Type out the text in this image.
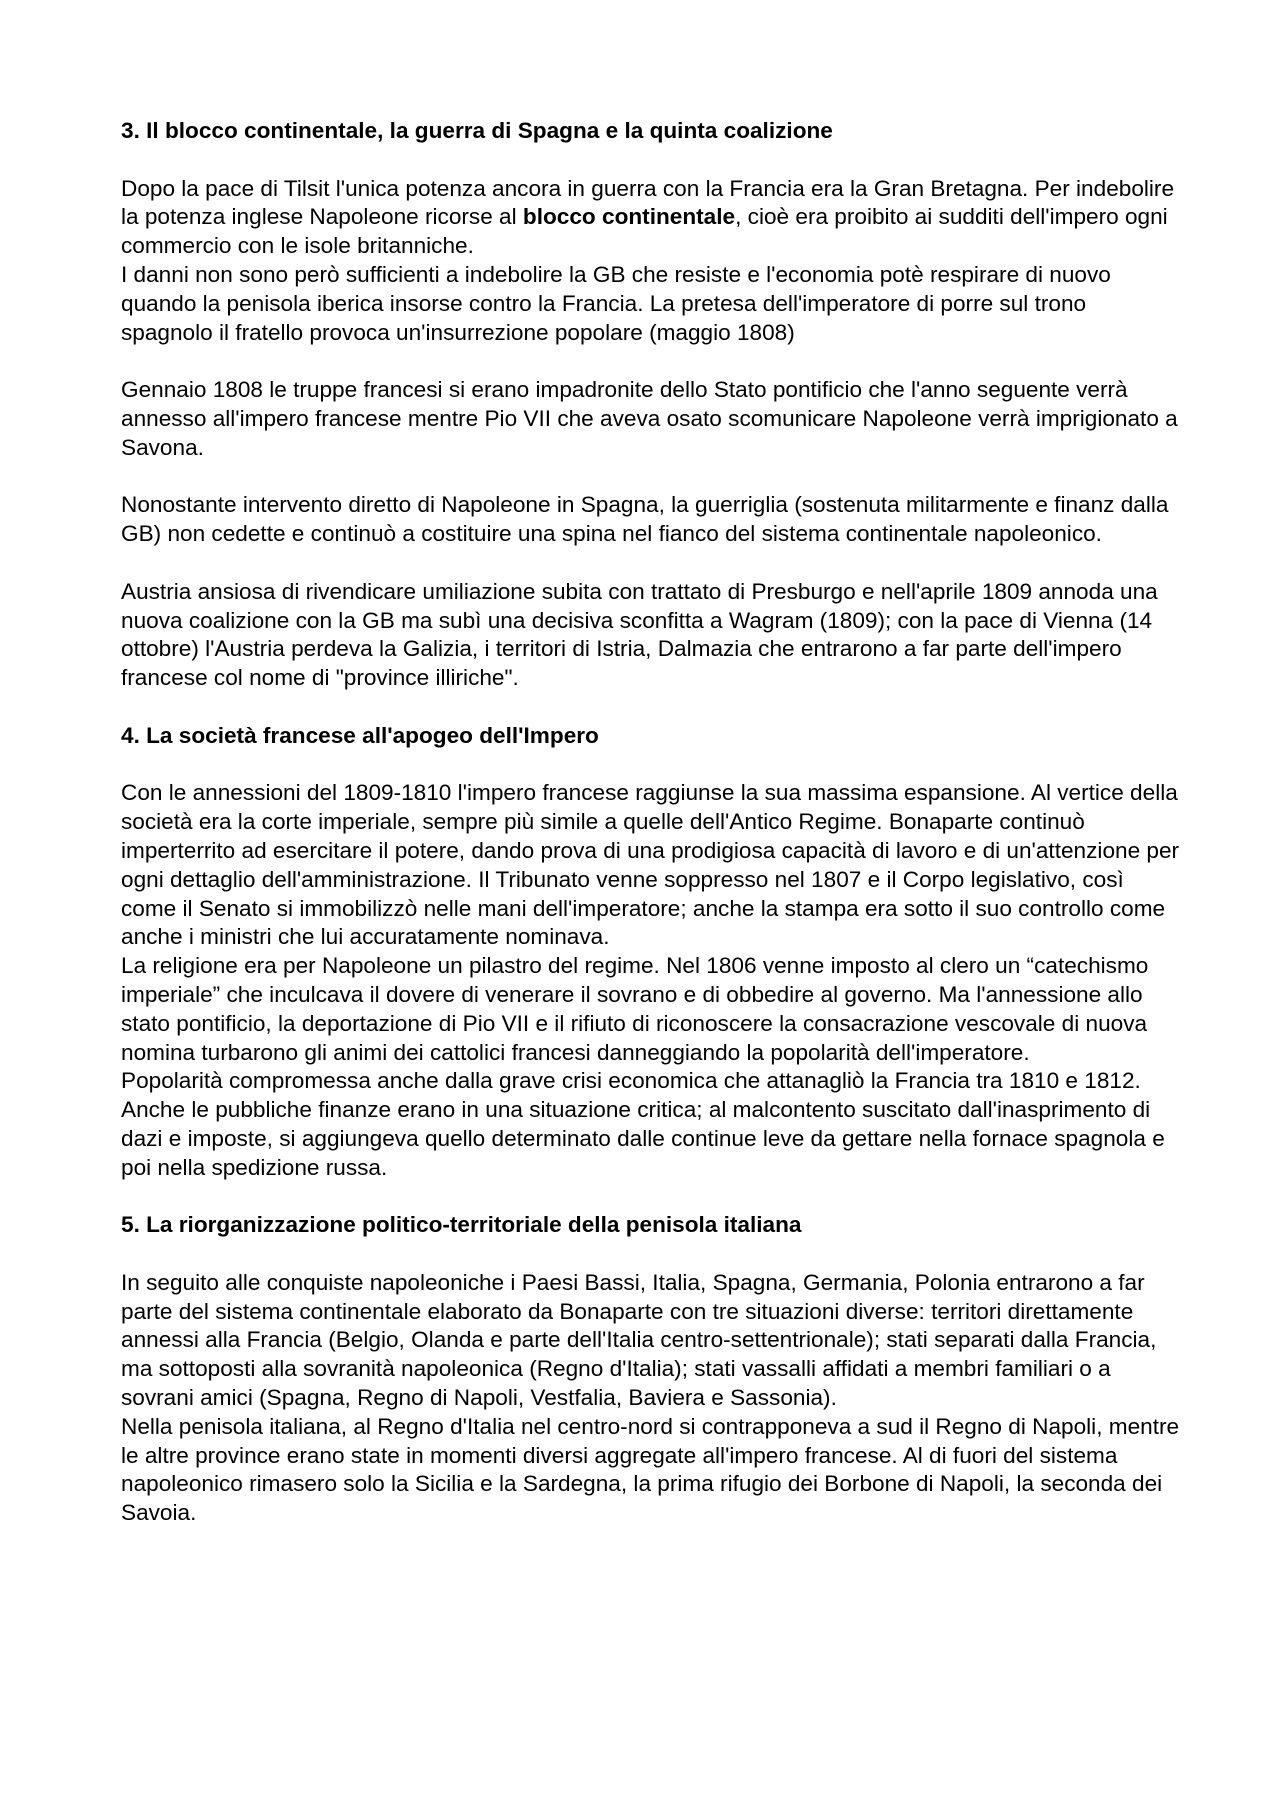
3. Il blocco continentale, la guerra di Spagna e la quinta coalizione
Dopo la pace di Tilsit l'unica potenza ancora in guerra con la Francia era la Gran Bretagna. Per indebolire la potenza inglese Napoleone ricorse al blocco continentale, cioè era proibito ai sudditi dell'impero ogni commercio con le isole britanniche.
I danni non sono però sufficienti a indebolire la GB che resiste e l'economia potè respirare di nuovo quando la penisola iberica insorse contro la Francia. La pretesa dell'imperatore di porre sul trono spagnolo il fratello provoca un'insurrezione popolare (maggio 1808)
Gennaio 1808 le truppe francesi si erano impadronite dello Stato pontificio che l'anno seguente verrà annesso all'impero francese mentre Pio VII che aveva osato scomunicare Napoleone verrà imprigionato a Savona.
Nonostante intervento diretto di Napoleone in Spagna, la guerriglia (sostenuta militarmente e finanz dalla GB) non cedette e continuò a costituire una spina nel fianco del sistema continentale napoleonico.
Austria ansiosa di rivendicare umiliazione subita con trattato di Presburgo e nell'aprile 1809 annoda una nuova coalizione con la GB ma subì una decisiva sconfitta a Wagram (1809); con la pace di Vienna (14 ottobre) l'Austria perdeva la Galizia, i territori di Istria, Dalmazia che entrarono a far parte dell'impero francese col nome di "province illiriche".
4. La società francese all'apogeo dell'Impero
Con le annessioni del 1809-1810 l'impero francese raggiunse la sua massima espansione. Al vertice della società era la corte imperiale, sempre più simile a quelle dell'Antico Regime. Bonaparte continuò imperterrito ad esercitare il potere, dando prova di una prodigiosa capacità di lavoro e di un'attenzione per ogni dettaglio dell'amministrazione. Il Tribunato venne soppresso nel 1807 e il Corpo legislativo, così come il Senato si immobilizzò nelle mani dell'imperatore; anche la stampa era sotto il suo controllo come anche i ministri che lui accuratamente nominava.
La religione era per Napoleone un pilastro del regime. Nel 1806 venne imposto al clero un “catechismo imperiale” che inculcava il dovere di venerare il sovrano e di obbedire al governo. Ma l'annessione allo stato pontificio, la deportazione di Pio VII e il rifiuto di riconoscere la consacrazione vescovale di nuova nomina turbarono gli animi dei cattolici francesi danneggiando la popolarità dell'imperatore.
Popolarità compromessa anche dalla grave crisi economica che attanagliò la Francia tra 1810 e 1812.
Anche le pubbliche finanze erano in una situazione critica; al malcontento suscitato dall'inasprimento di dazi e imposte, si aggiungeva quello determinato dalle continue leve da gettare nella fornace spagnola e poi nella spedizione russa.
5. La riorganizzazione politico-territoriale della penisola italiana
In seguito alle conquiste napoleoniche i Paesi Bassi, Italia, Spagna, Germania, Polonia entrarono a far parte del sistema continentale elaborato da Bonaparte con tre situazioni diverse: territori direttamente annessi alla Francia (Belgio, Olanda e parte dell'Italia centro-settentrionale); stati separati dalla Francia, ma sottoposti alla sovranità napoleonica (Regno d'Italia); stati vassalli affidati a membri familiari o a sovrani amici (Spagna, Regno di Napoli, Vestfalia, Baviera e Sassonia).
Nella penisola italiana, al Regno d'Italia nel centro-nord si contrapponeva a sud il Regno di Napoli, mentre le altre province erano state in momenti diversi aggregate all'impero francese. Al di fuori del sistema napoleonico rimasero solo la Sicilia e la Sardegna, la prima rifugio dei Borbone di Napoli, la seconda dei Savoia.
